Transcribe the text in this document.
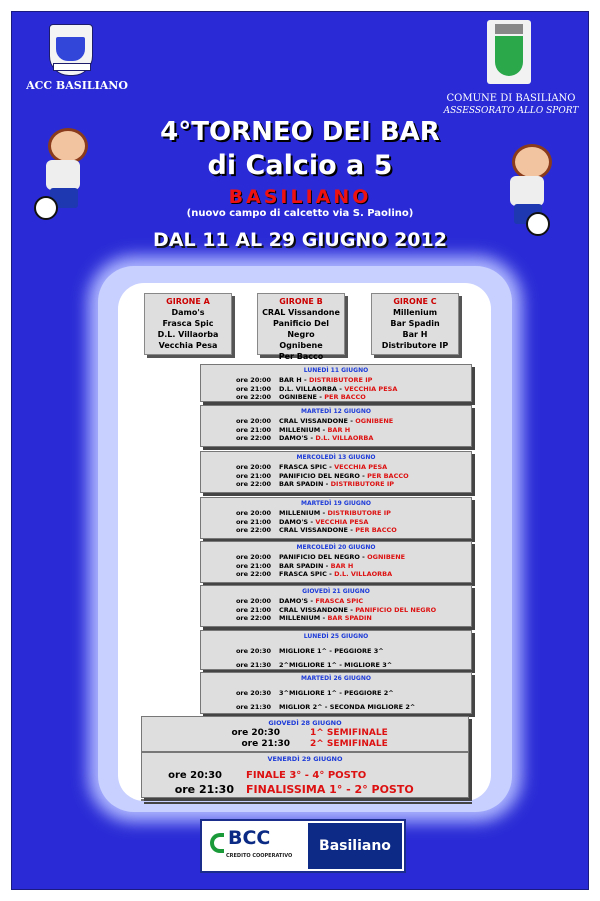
ACC BASILIANO
COMUNE DI BASILIANO
ASSESSORATO ALLO SPORT
4°TORNEO DEI BAR
di Calcio a 5
BASILIANO
(nuovo campo di calcetto via S. Paolino)
DAL 11 AL 29 GIUGNO 2012
GIRONE A
Damo's
Frasca Spic
D.L. Villaorba
Vecchia Pesa
GIRONE B
CRAL Vissandone
Panificio Del Negro
Ognibene
Per Bacco
GIRONE C
Millenium
Bar Spadin
Bar H
Distributore IP
LUNEDÌ 11 GIUGNO
ore 20:00 BAR H - DISTRIBUTORE IP
ore 21:00 D.L. VILLAORBA - VECCHIA PESA
ore 22:00 OGNIBENE - PER BACCO
MARTEDÌ 12 GIUGNO
ore 20:00 CRAL VISSANDONE - OGNIBENE
ore 21:00 MILLENIUM - BAR H
ore 22:00 DAMO'S - D.L. VILLAORBA
MERCOLEDÌ 13 GIUGNO
ore 20:00 FRASCA SPIC - VECCHIA PESA
ore 21:00 PANIFICIO DEL NEGRO - PER BACCO
ore 22:00 BAR SPADIN - DISTRIBUTORE IP
MARTEDÌ 19 GIUGNO
ore 20:00 MILLENIUM - DISTRIBUTORE IP
ore 21:00 DAMO'S - VECCHIA PESA
ore 22:00 CRAL VISSANDONE - PER BACCO
MERCOLEDÌ 20 GIUGNO
ore 20:00 PANIFICIO DEL NEGRO - OGNIBENE
ore 21:00 BAR SPADIN - BAR H
ore 22:00 FRASCA SPIC - D.L. VILLAORBA
GIOVEDÌ 21 GIUGNO
ore 20:00 DAMO'S - FRASCA SPIC
ore 21:00 CRAL VISSANDONE - PANIFICIO DEL NEGRO
ore 22:00 MILLENIUM - BAR SPADIN
LUNEDÌ 25 GIUGNO
ore 20:30 MIGLIORE 1^ - PEGGIORE 3^
ore 21:30 2^MIGLIORE 1^ - MIGLIORE 3^
MARTEDÌ 26 GIUGNO
ore 20:30 3^MIGLIORE 1^ - PEGGIORE 2^
ore 21:30 MIGLIOR 2^ - SECONDA MIGLIORE 2^
GIOVEDÌ 28 GIUGNO
ore 20:30	1^ SEMIFINALE
ore 21:30 2^ SEMIFINALE
VENERDÌ 29 GIUGNO
ore 20:30 FINALE 3° - 4° POSTO
ore 21:30 FINALISSIMA 1° - 2° POSTO
BCC
CREDITO COOPERATIVO
Basiliano
